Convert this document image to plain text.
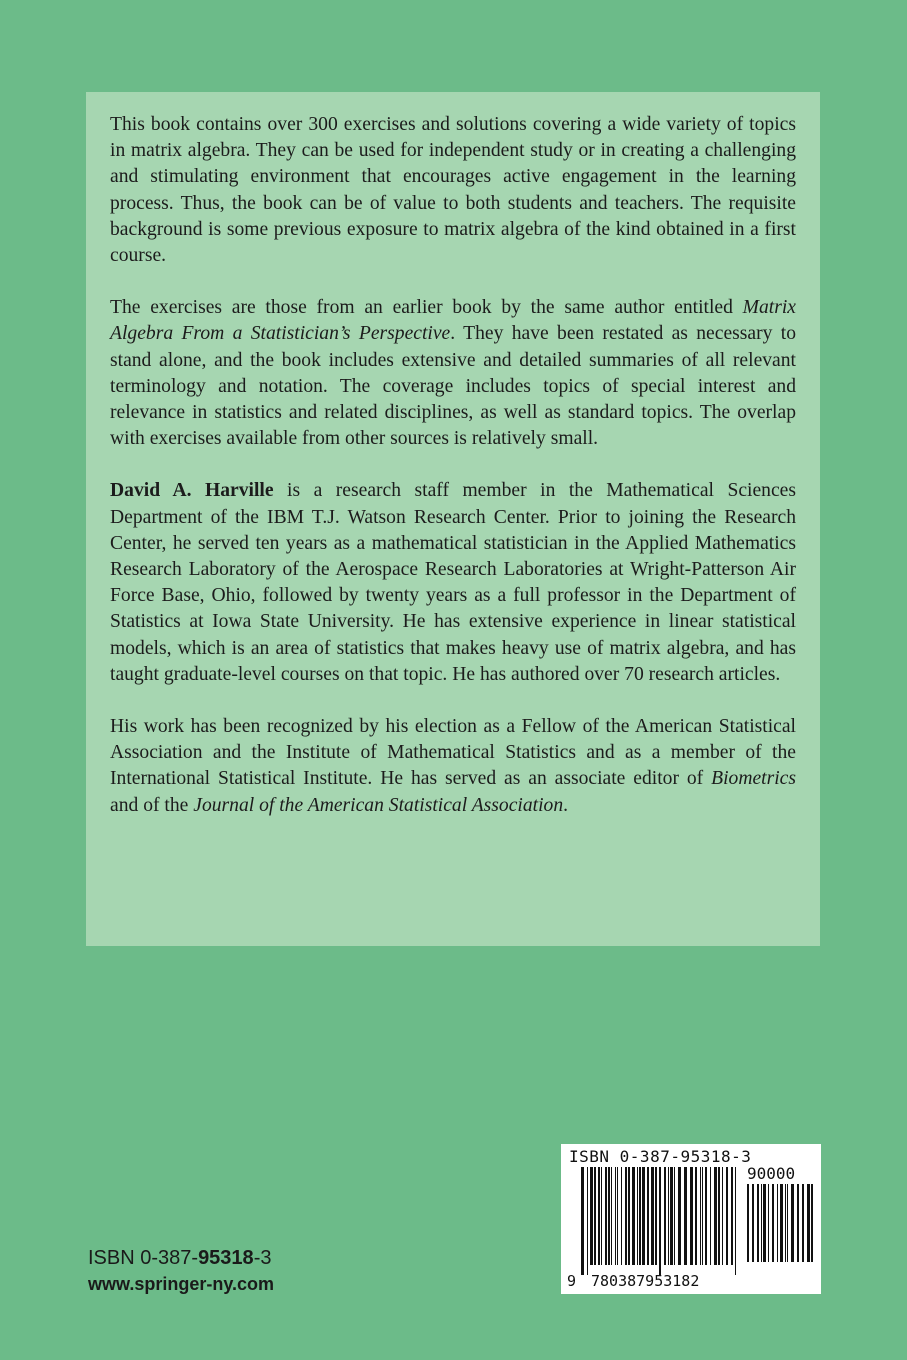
This book contains over 300 exercises and solutions covering a wide variety of topics in matrix algebra. They can be used for independent study or in creating a challenging and stimulating environment that encourages active engagement in the learning process. Thus, the book can be of value to both students and teachers. The requisite background is some previous exposure to matrix algebra of the kind obtained in a first course.

The exercises are those from an earlier book by the same author entitled Matrix Algebra From a Statistician’s Perspective. They have been restated as necessary to stand alone, and the book includes extensive and detailed summaries of all relevant terminology and notation. The coverage includes topics of special interest and relevance in statistics and related disciplines, as well as standard topics. The overlap with exercises available from other sources is relatively small.

David A. Harville is a research staff member in the Mathematical Sciences Department of the IBM T.J. Watson Research Center. Prior to joining the Research Center, he served ten years as a mathematical statistician in the Applied Mathematics Research Laboratory of the Aerospace Research Laboratories at Wright-Patterson Air Force Base, Ohio, followed by twenty years as a full professor in the Department of Statistics at Iowa State University. He has extensive experience in linear statistical models, which is an area of statistics that makes heavy use of matrix algebra, and has taught graduate-level courses on that topic. He has authored over 70 research articles.

His work has been recognized by his election as a Fellow of the American Statistical Association and the Institute of Mathematical Statistics and as a member of the International Statistical Institute. He has served as an associate editor of Biometrics and of the Journal of the American Statistical Association.

ISBN 0-387-95318-3
www.springer-ny.com
ISBN 0-387-95318-3
90000
9 780387953182
